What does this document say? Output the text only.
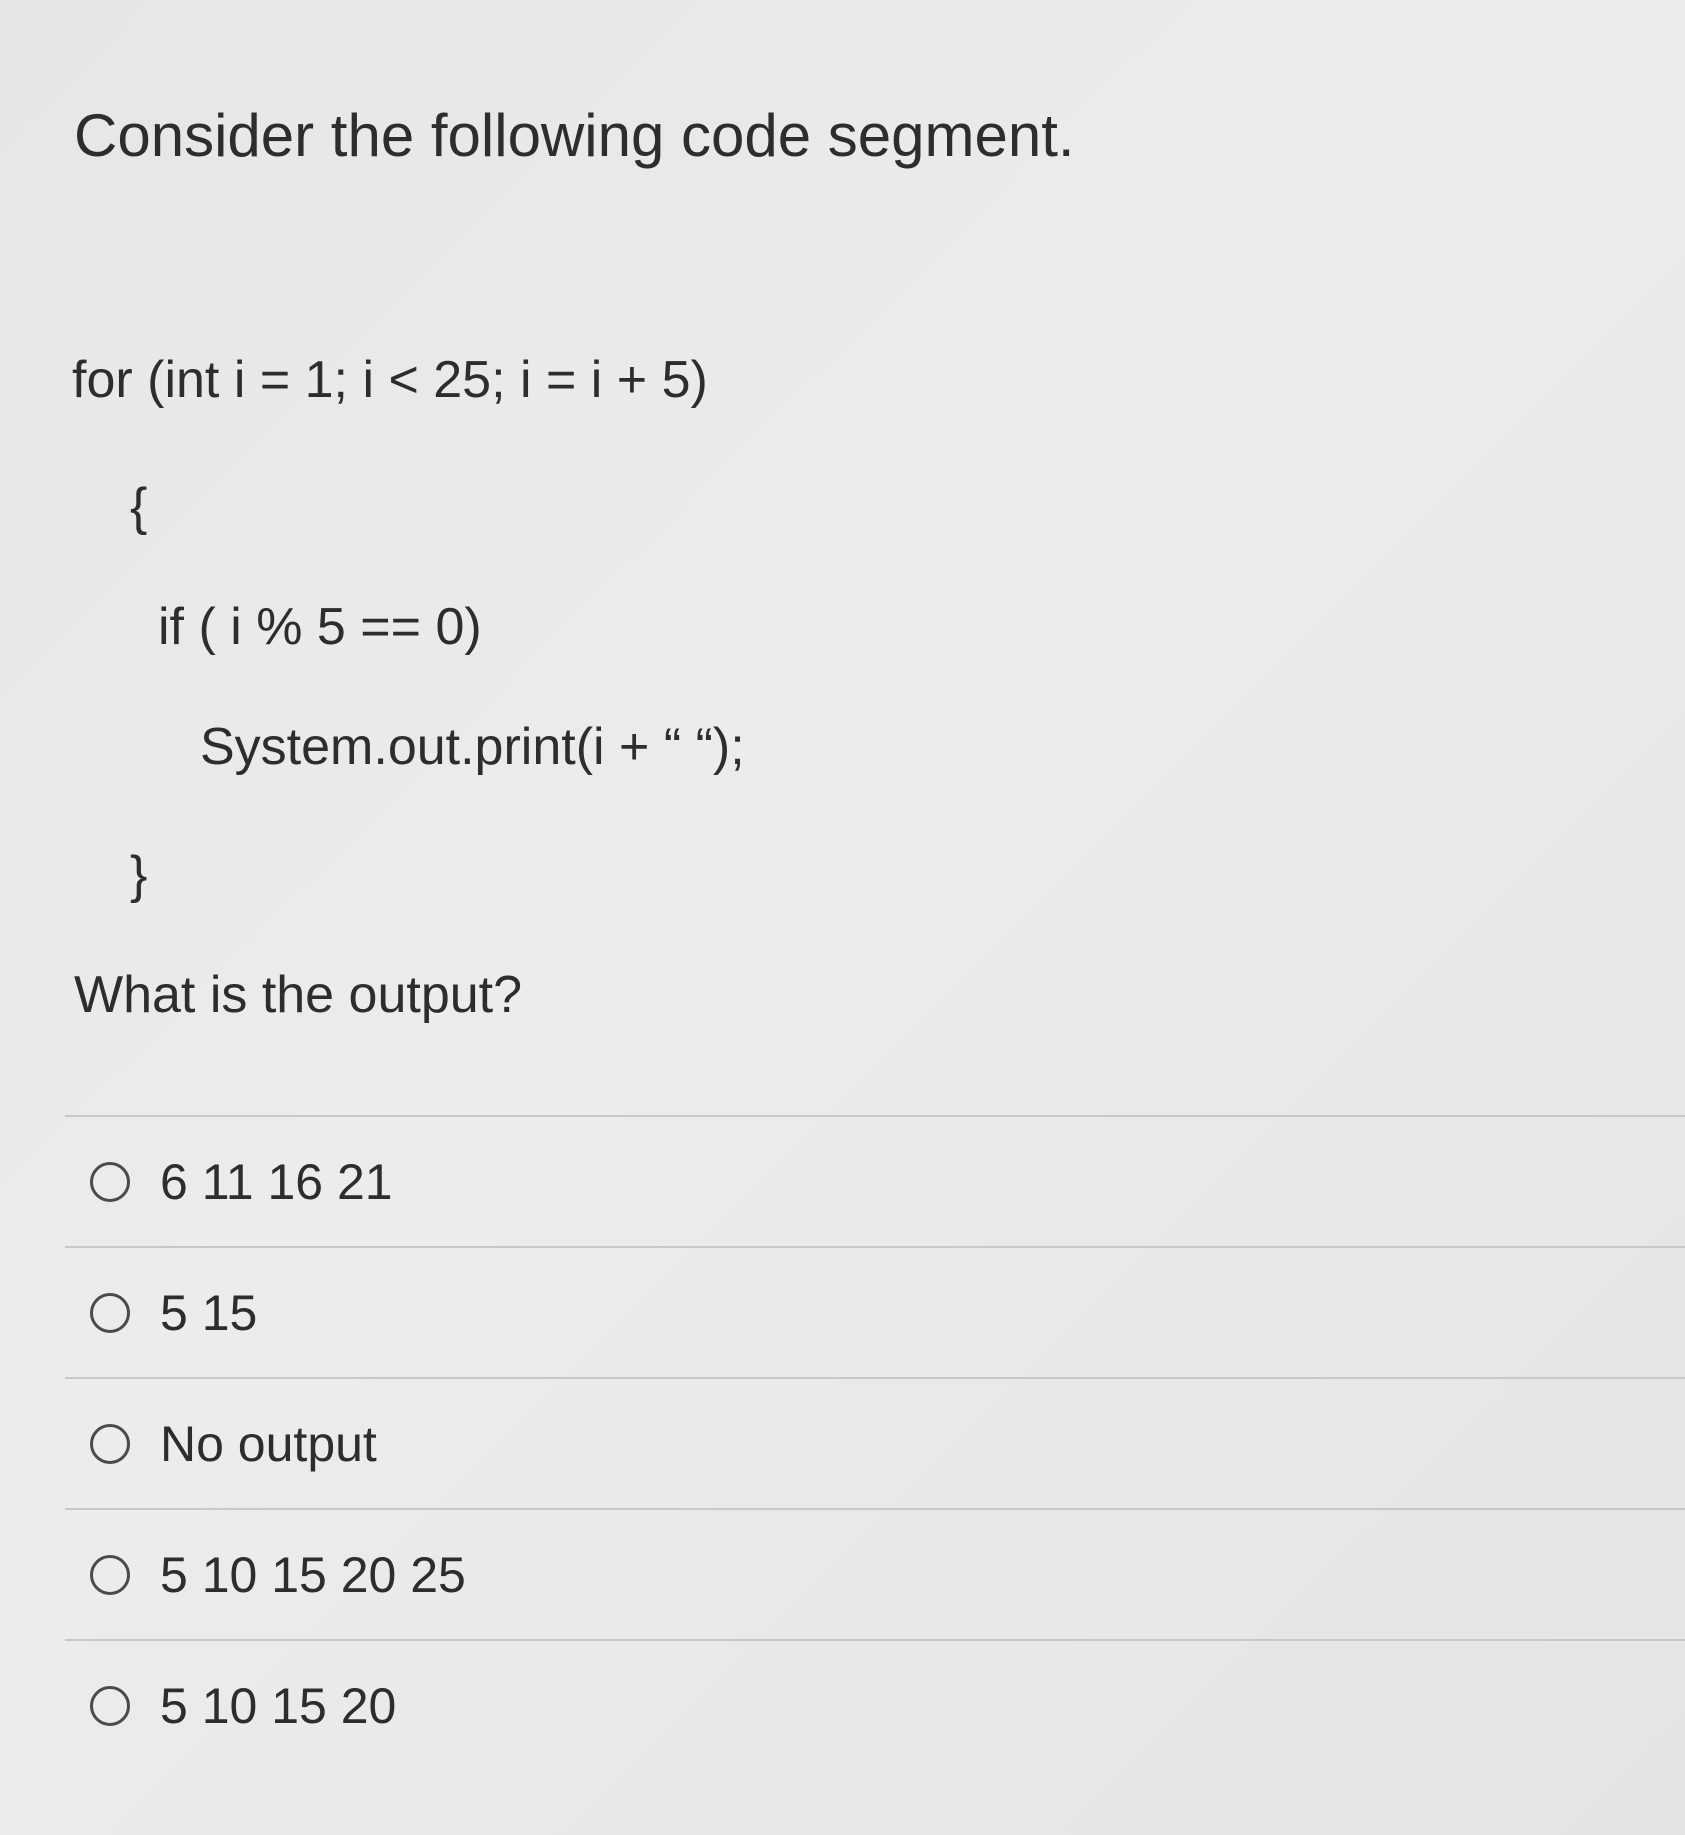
Consider the following code segment.

for (int i = 1; i < 25; i = i + 5)

{

if ( i % 5 == 0)

System.out.print(i + “ “);

}

What is the output?

6 11 16 21
5 15
No output
5 10 15 20 25
5 10 15 20
